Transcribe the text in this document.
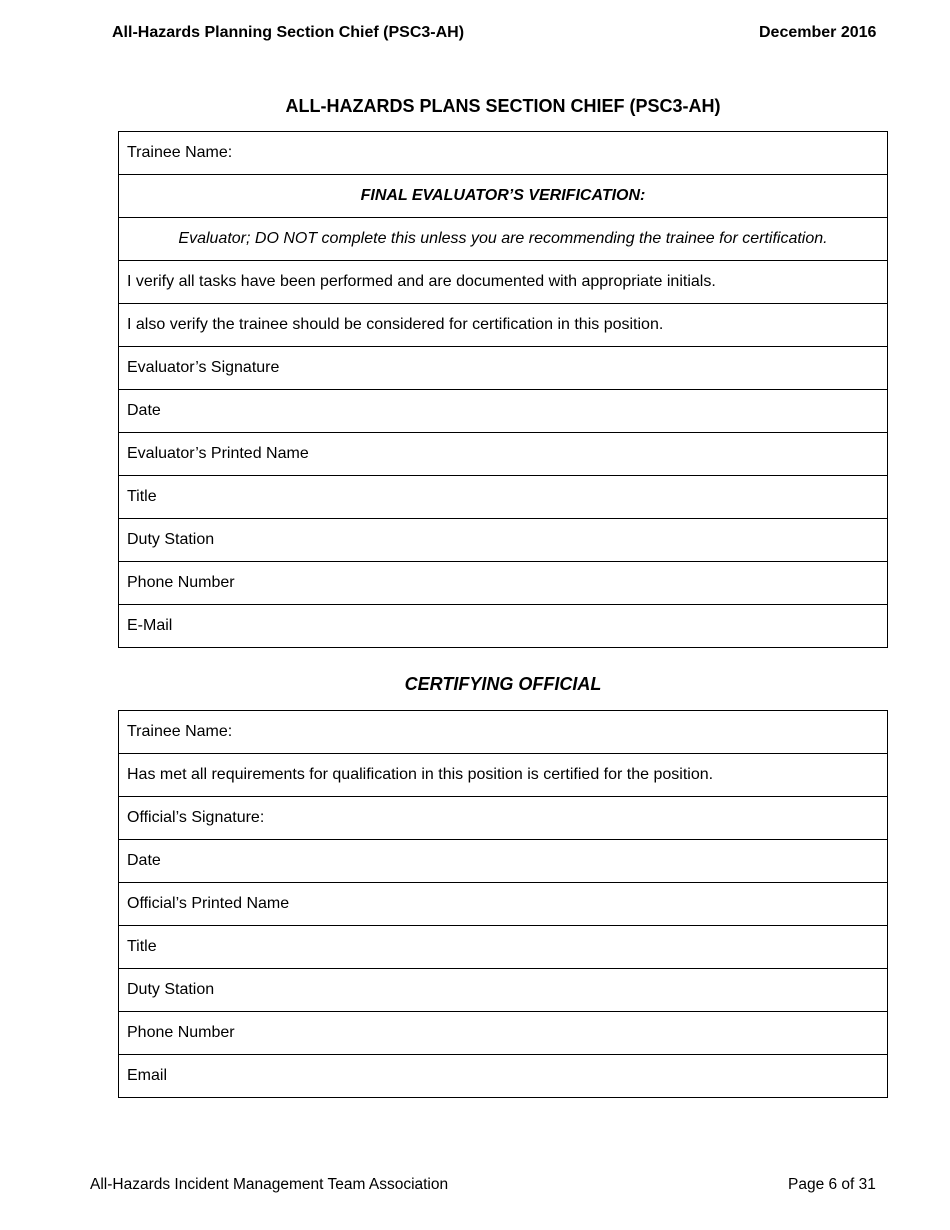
All-Hazards Planning Section Chief (PSC3-AH)	December 2016
ALL-HAZARDS PLANS SECTION CHIEF (PSC3-AH)
Trainee Name:
FINAL EVALUATOR’S VERIFICATION:
Evaluator; DO NOT complete this unless you are recommending the trainee for certification.
I verify all tasks have been performed and are documented with appropriate initials.
I also verify the trainee should be considered for certification in this position.
Evaluator’s Signature
Date
Evaluator’s Printed Name
Title
Duty Station
Phone Number
E-Mail
CERTIFYING OFFICIAL
Trainee Name:
Has met all requirements for qualification in this position is certified for the position.
Official’s Signature:
Date
Official’s Printed Name
Title
Duty Station
Phone Number
Email
All-Hazards Incident Management Team Association	Page 6 of 31
